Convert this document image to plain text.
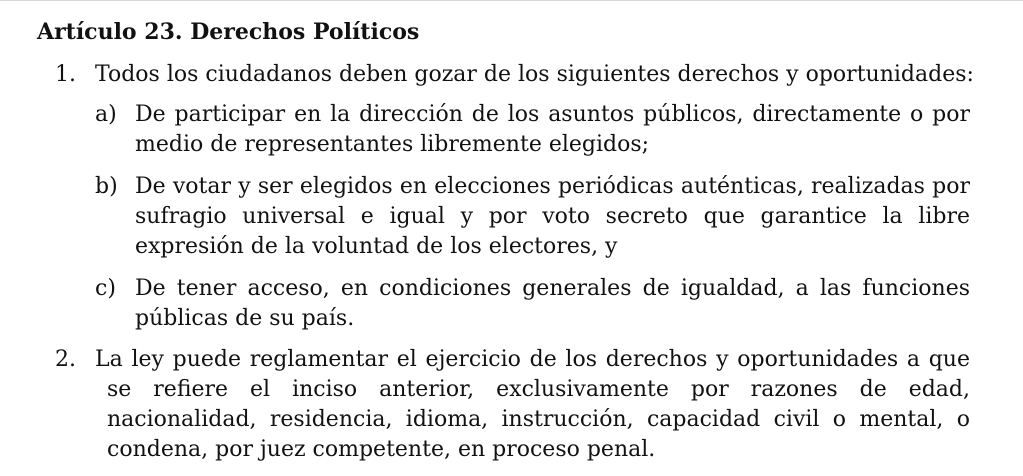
Artículo 23. Derechos Políticos
1. Todos los ciudadanos deben gozar de los siguientes derechos y oportunidades:
a) De participar en la dirección de los asuntos públicos, directamente o por medio de representantes libremente elegidos;
b) De votar y ser elegidos en elecciones periódicas auténticas, realizadas por sufragio universal e igual y por voto secreto que garantice la libre expresión de la voluntad de los electores, y
c) De tener acceso, en condiciones generales de igualdad, a las funciones públicas de su país.
2. La ley puede reglamentar el ejercicio de los derechos y oportunidades a que se refiere el inciso anterior, exclusivamente por razones de edad, nacionalidad, residencia, idioma, instrucción, capacidad civil o mental, o condena, por juez competente, en proceso penal.
